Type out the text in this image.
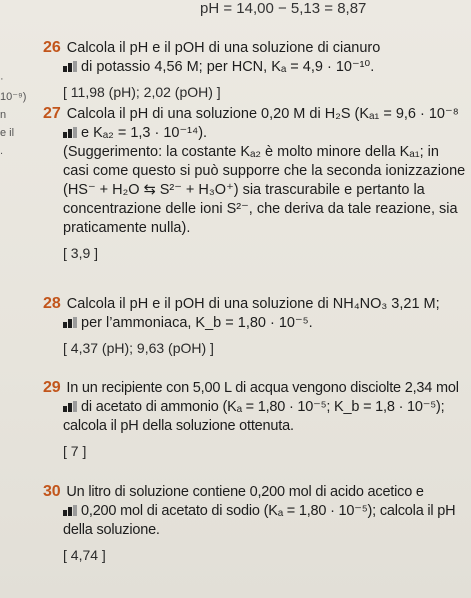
pH = 14,00 − 5,13 = 8,87
· 10⁻⁹)
n
e il
.
26 Calcola il pH e il pOH di una soluzione di cianuro
di potassio 4,56 M; per HCN, Kₐ = 4,9 · 10⁻¹⁰.
[ 11,98 (pH); 2,02 (pOH) ]
27 Calcola il pH di una soluzione 0,20 M di H₂S (Kₐ₁ = 9,6 · 10⁻⁸
e Kₐ₂ = 1,3 · 10⁻¹⁴).
(Suggerimento: la costante Kₐ₂ è molto minore della Kₐ₁; in
casi come questo si può supporre che la seconda ionizzazione
(HS⁻ + H₂O ⇆ S²⁻ + H₃O⁺) sia trascurabile e pertanto la
concentrazione delle ioni S²⁻, che deriva da tale reazione, sia
praticamente nulla).
[ 3,9 ]
28 Calcola il pH e il pOH di una soluzione di NH₄NO₃ 3,21 M;
per l’ammoniaca, K_b = 1,80 · 10⁻⁵.
[ 4,37 (pH); 9,63 (pOH) ]
29 In un recipiente con 5,00 L di acqua vengono disciolte 2,34 mol
di acetato di ammonio (Kₐ = 1,80 · 10⁻⁵; K_b = 1,8 · 10⁻⁵);
calcola il pH della soluzione ottenuta.
[ 7 ]
30 Un litro di soluzione contiene 0,200 mol di acido acetico e
0,200 mol di acetato di sodio (Kₐ = 1,80 · 10⁻⁵); calcola il pH
della soluzione.
[ 4,74 ]
